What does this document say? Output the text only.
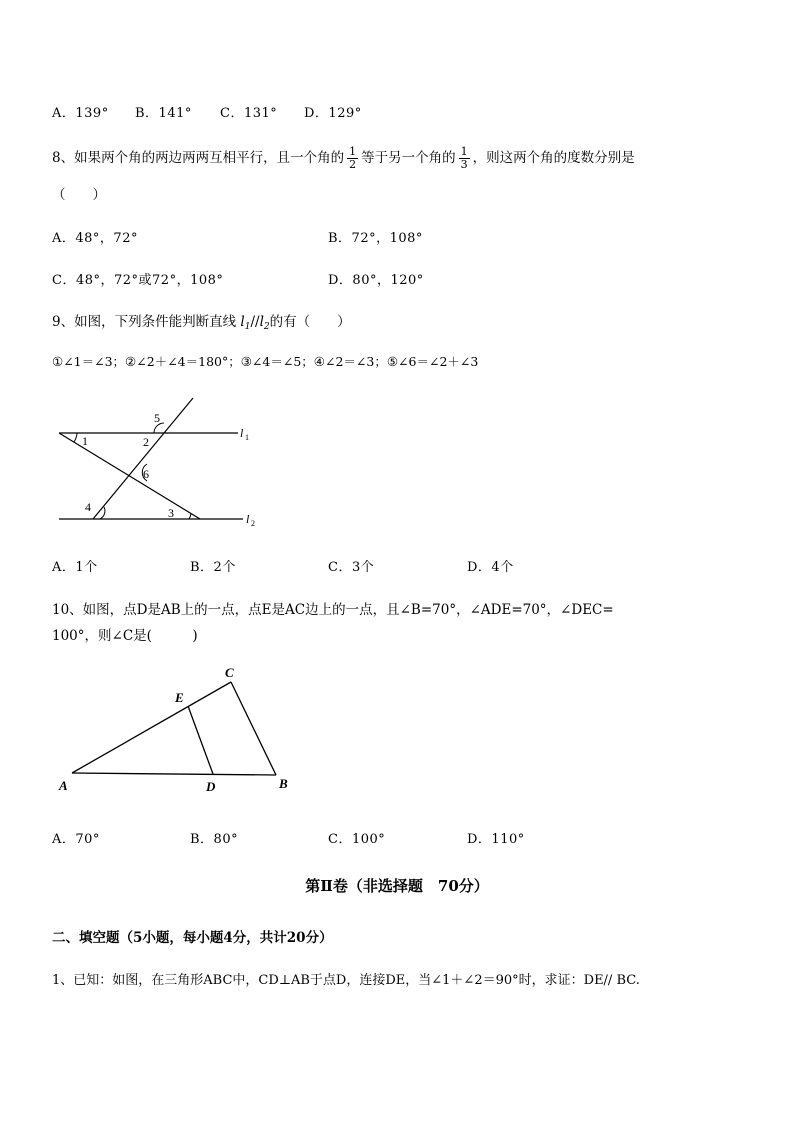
A．139° B．141° C．131° D．129°
8、如果两个角的两边两两互相平行，且一个角的 $\frac{1}{2}$ 等于另一个角的 $\frac{1}{3}$ ，则这两个角的度数分别是
（　　）
A．48°，72°	B．72°，108°
C．48°，72°或72°，108°	D．80°，120°
9、如图，下列条件能判断直线 $l_1//l_2$的有（　　）
①∠1＝∠3；②∠2＋∠4＝180°；③∠4＝∠5；④∠2＝∠3；⑤∠6＝∠2＋∠3
1	2
5
6
4	3
l 1
l 2
A．1个	B．2个	C．3个	D．4个
10、如图，点D是AB上的一点，点E是AC边上的一点，且∠B=70°，∠ADE=70°，∠DEC=
100°，则∠C是(　　　)
A	B
C
D
E
A．70°	B．80°	C．100°	D．110°
第Ⅱ卷（非选择题　70分）
二、填空题（5小题，每小题4分，共计20分）
1、已知：如图，在三角形ABC中，CD⊥AB于点D，连接DE，当∠1＋∠2＝90°时，求证：DE// BC.
